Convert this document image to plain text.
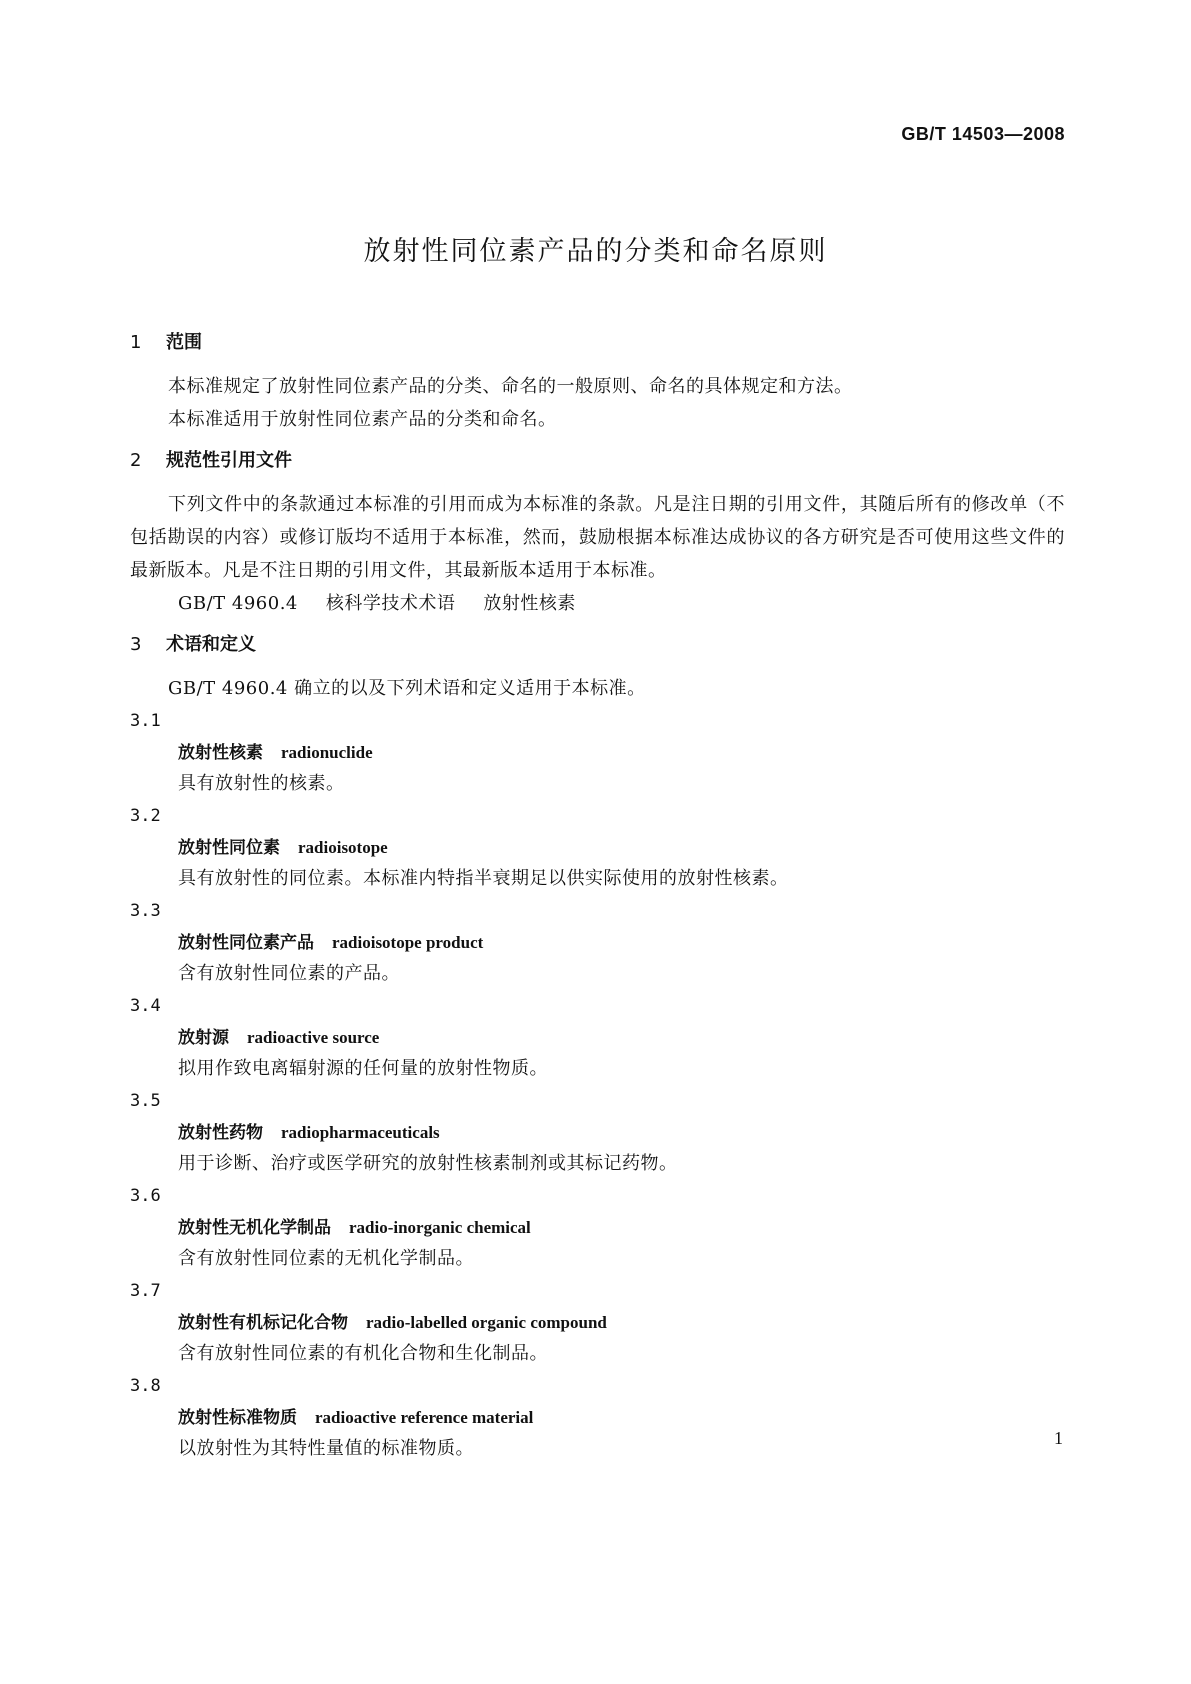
GB/T 14503—2008
放射性同位素产品的分类和命名原则
1 范围

本标准规定了放射性同位素产品的分类、命名的一般原则、命名的具体规定和方法。

本标准适用于放射性同位素产品的分类和命名。

2 规范性引用文件

下列文件中的条款通过本标准的引用而成为本标准的条款。凡是注日期的引用文件，其随后所有的修改单（不包括勘误的内容）或修订版均不适用于本标准，然而，鼓励根据本标准达成协议的各方研究是否可使用这些文件的最新版本。凡是不注日期的引用文件，其最新版本适用于本标准。

GB/T 4960.4 核科学技术术语 放射性核素

3 术语和定义

GB/T 4960.4 确立的以及下列术语和定义适用于本标准。

3.1

放射性核素 radionuclide

具有放射性的核素。

3.2

放射性同位素 radioisotope

具有放射性的同位素。本标准内特指半衰期足以供实际使用的放射性核素。

3.3

放射性同位素产品 radioisotope product

含有放射性同位素的产品。

3.4

放射源 radioactive source

拟用作致电离辐射源的任何量的放射性物质。

3.5

放射性药物 radiopharmaceuticals

用于诊断、治疗或医学研究的放射性核素制剂或其标记药物。

3.6

放射性无机化学制品 radio-inorganic chemical

含有放射性同位素的无机化学制品。

3.7

放射性有机标记化合物 radio-labelled organic compound

含有放射性同位素的有机化合物和生化制品。

3.8

放射性标准物质 radioactive reference material

以放射性为其特性量值的标准物质。	1
